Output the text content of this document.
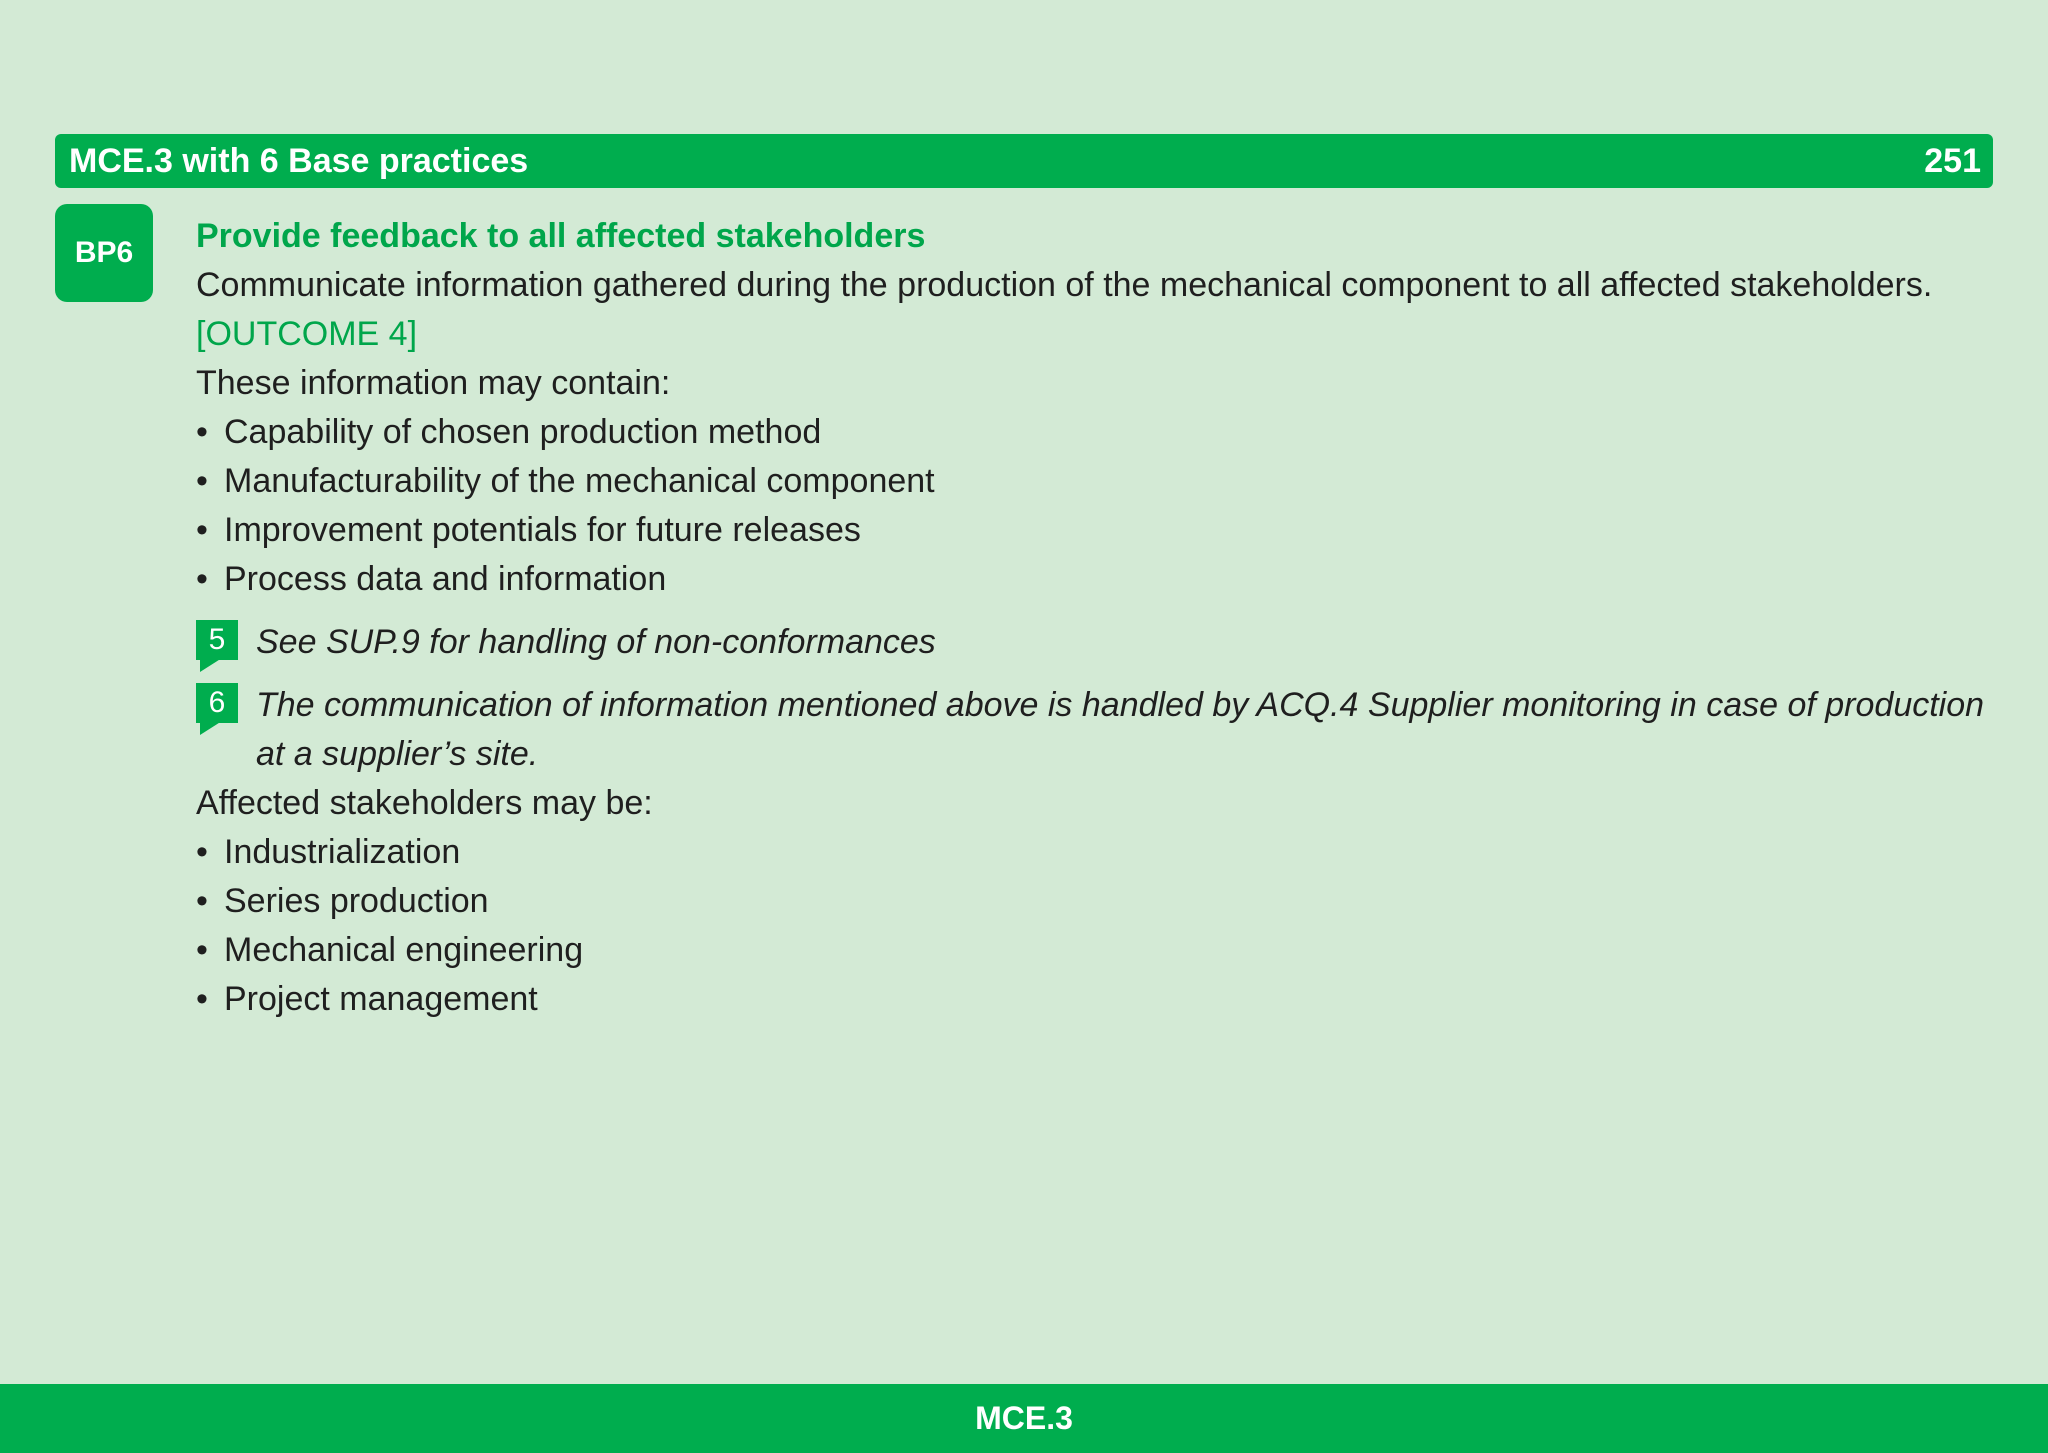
MCE.3 with 6 Base practices	251
BP6	Provide feedback to all affected stakeholders
Communicate information gathered during the production of the mechanical component to all affected stakeholders.
[OUTCOME 4]
These information may contain:
• Capability of chosen production method
• Manufacturability of the mechanical component
• Improvement potentials for future releases
• Process data and information
5 See SUP.9 for handling of non-conformances
6 The communication of information mentioned above is handled by ACQ.4 Supplier monitoring in case of production
at a supplier’s site.
Affected stakeholders may be:
• Industrialization
• Series production
• Mechanical engineering
• Project management
MCE.3
